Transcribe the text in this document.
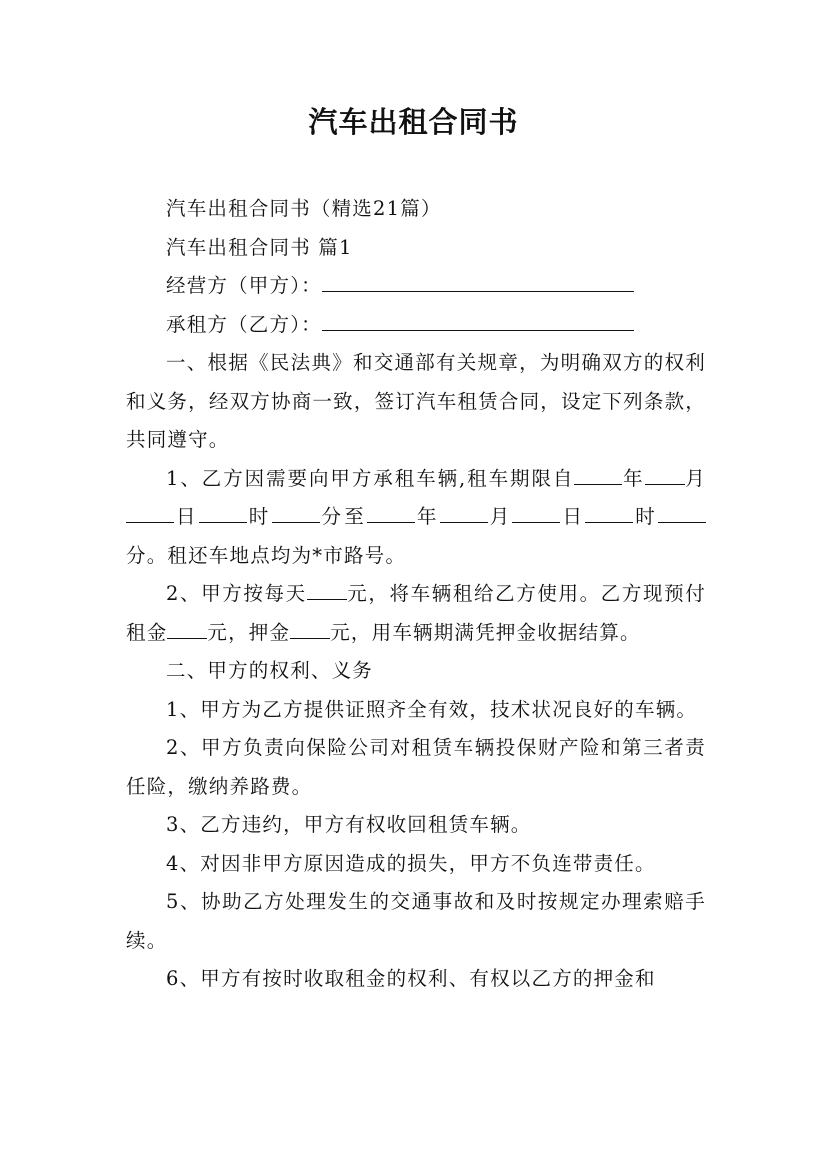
汽车出租合同书

汽车出租合同书（精选21篇）

汽车出租合同书 篇1

经营方（甲方）：

承租方（乙方）：

一、根据《民法典》和交通部有关规章，为明确双方的权利和义务，经双方协商一致，签订汽车租赁合同，设定下列条款，共同遵守。

1、乙方因需要向甲方承租车辆,租车期限自 年 月日 时 分至 年 月 日 时分。租还车地点均为*市路号。

2、甲方按每天 元，将车辆租给乙方使用。乙方现预付租金 元，押金 元，用车辆期满凭押金收据结算。

二、甲方的权利、义务

1、甲方为乙方提供证照齐全有效，技术状况良好的车辆。

2、甲方负责向保险公司对租赁车辆投保财产险和第三者责任险，缴纳养路费。

3、乙方违约，甲方有权收回租赁车辆。

4、对因非甲方原因造成的损失，甲方不负连带责任。

5、协助乙方处理发生的交通事故和及时按规定办理索赔手续。

6、甲方有按时收取租金的权利、有权以乙方的押金和
